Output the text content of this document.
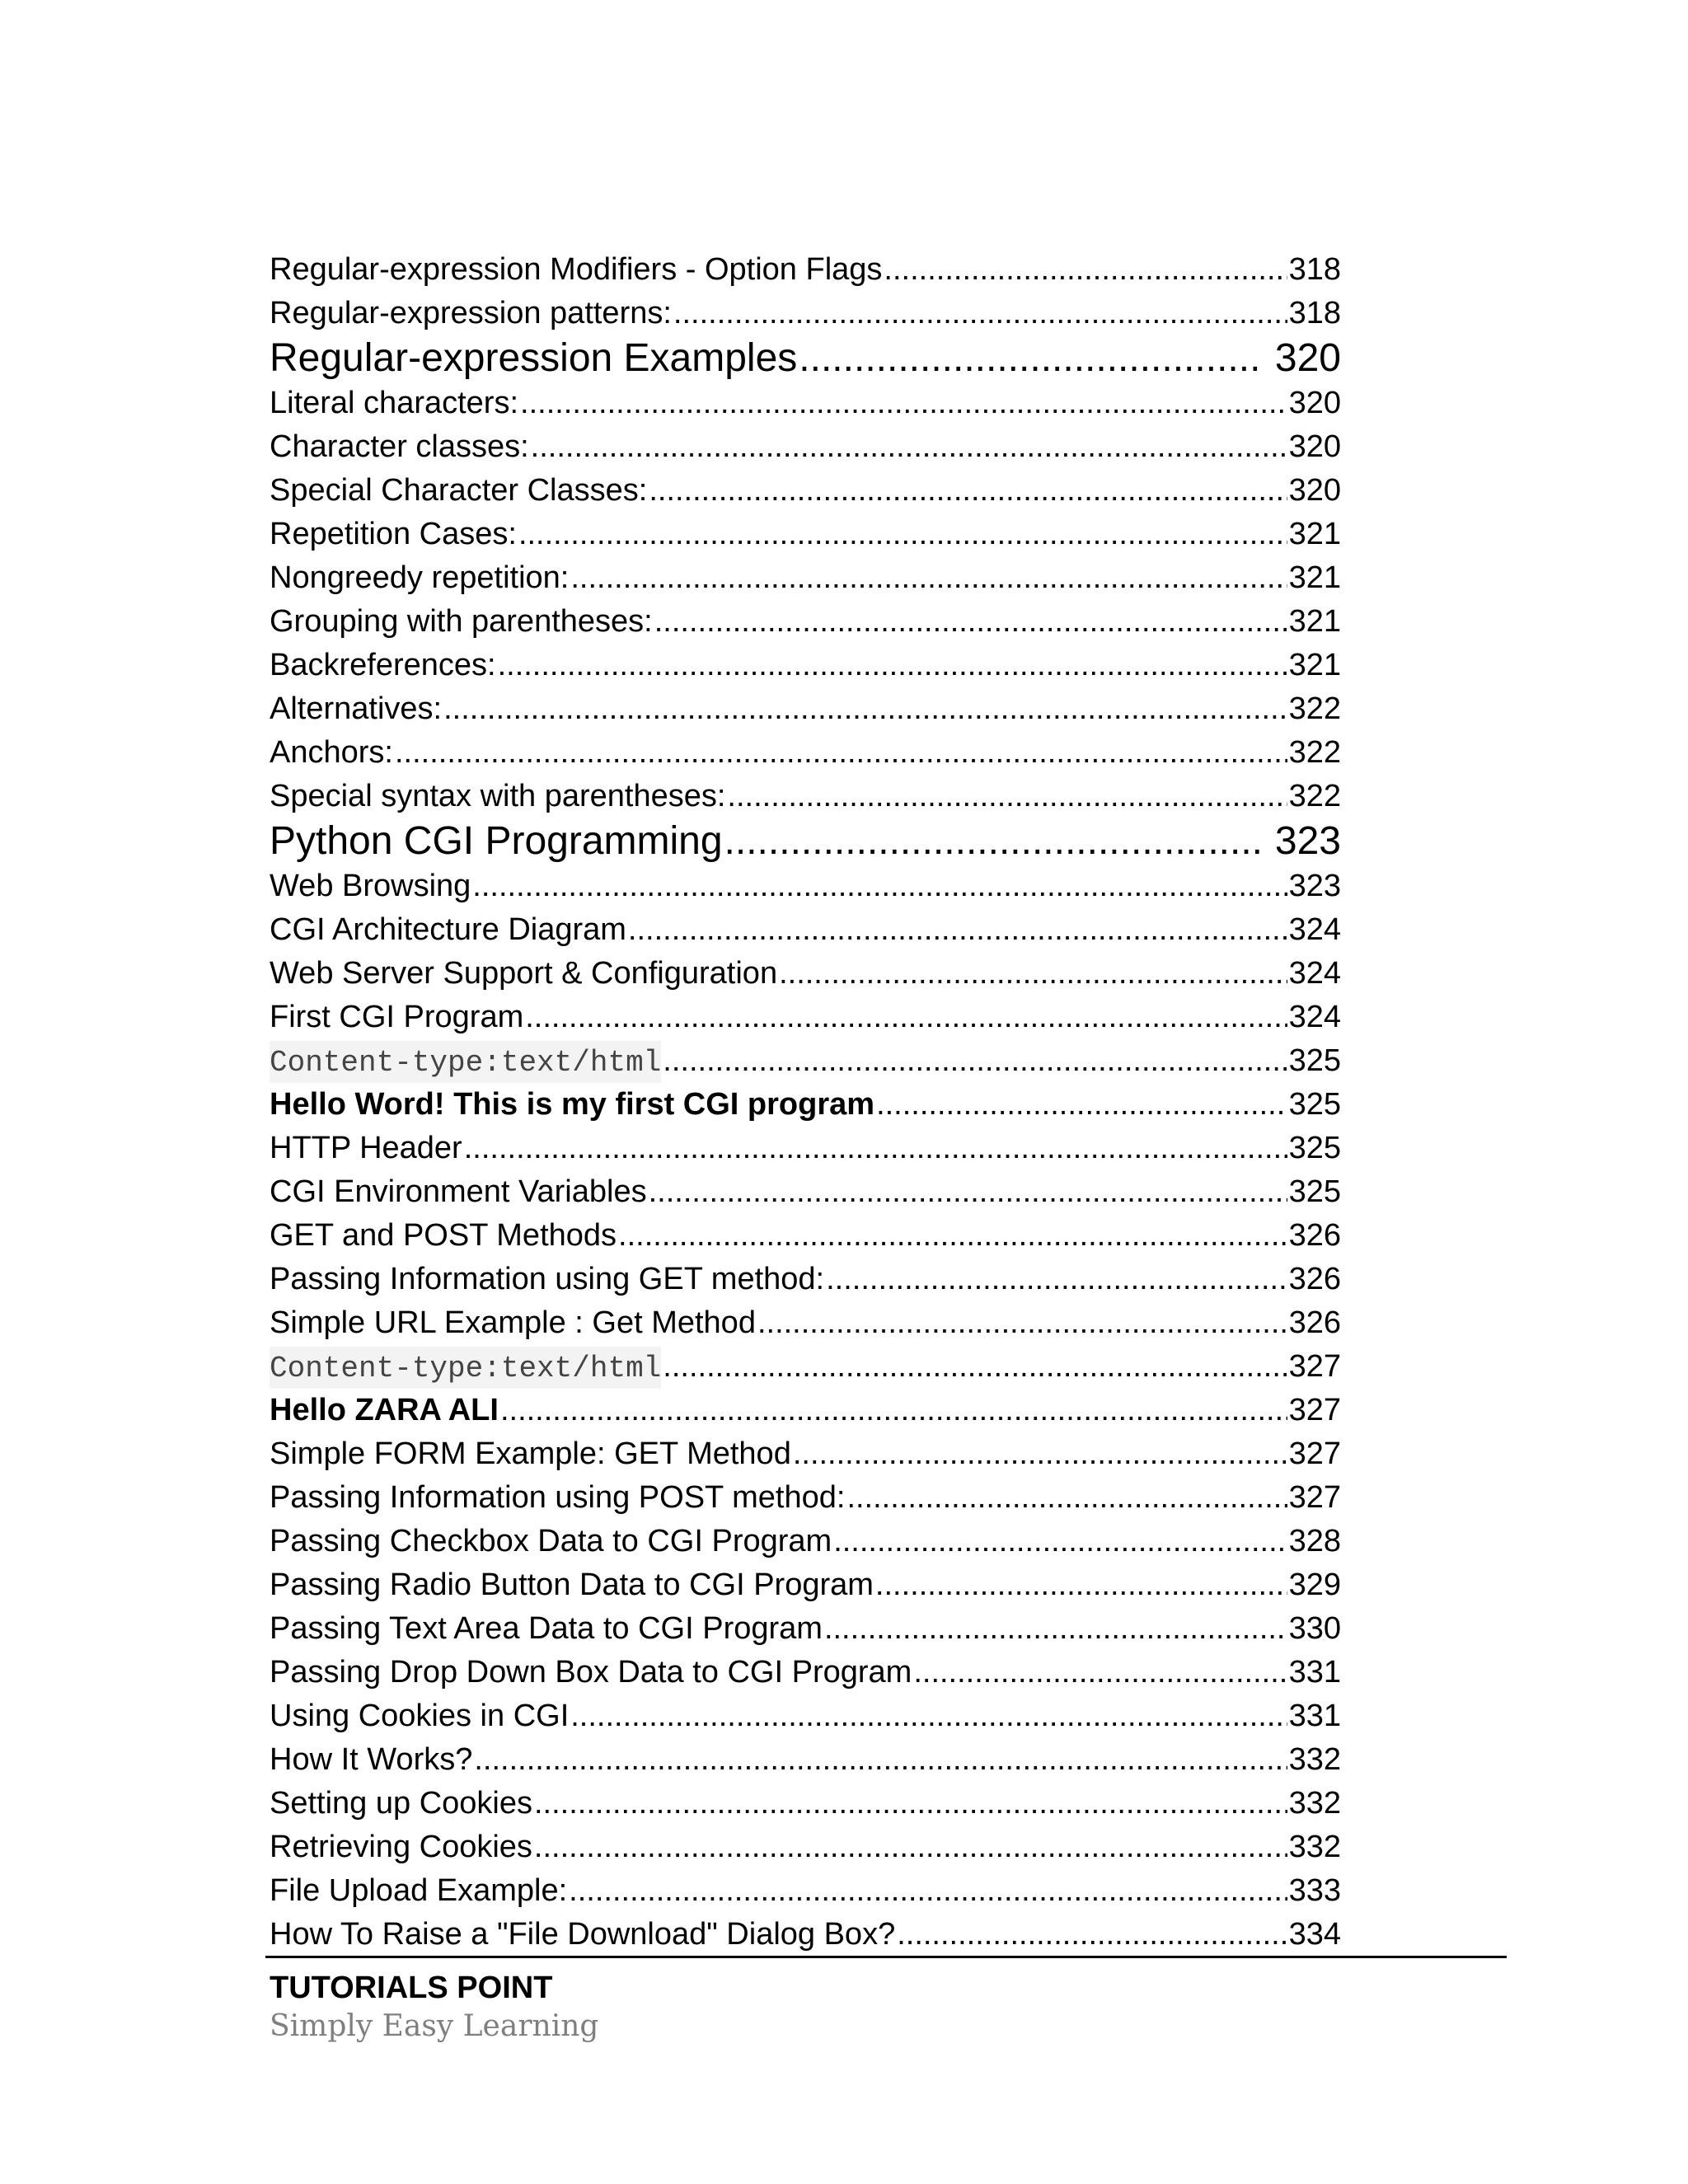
Regular-expression Modifiers - Option Flags .....	318
Regular-expression patterns: .....	318
Regular-expression Examples .....	320
Literal characters: .....	320
Character classes: .....	320
Special Character Classes: .....	320
Repetition Cases: .....	321
Nongreedy repetition: .....	321
Grouping with parentheses: .....	321
Backreferences: .....	321
Alternatives: .....	322
Anchors: .....	322
Special syntax with parentheses: .....	322
Python CGI Programming .....	323
Web Browsing .....	323
CGI Architecture Diagram .....	324
Web Server Support & Configuration .....	324
First CGI Program .....	324
Content-type:text/html .....	325
Hello Word! This is my first CGI program .....	325
HTTP Header .....	325
CGI Environment Variables .....	325
GET and POST Methods .....	326
Passing Information using GET method: .....	326
Simple URL Example : Get Method .....	326
Content-type:text/html .....	327
Hello ZARA ALI .....	327
Simple FORM Example: GET Method .....	327
Passing Information using POST method: .....	327
Passing Checkbox Data to CGI Program .....	328
Passing Radio Button Data to CGI Program .....	329
Passing Text Area Data to CGI Program .....	330
Passing Drop Down Box Data to CGI Program .....	331
Using Cookies in CGI .....	331
How It Works? .....	332
Setting up Cookies .....	332
Retrieving Cookies .....	332
File Upload Example: .....	333
How To Raise a "File Download" Dialog Box? .....	334
TUTORIALS POINT
Simply Easy Learning
